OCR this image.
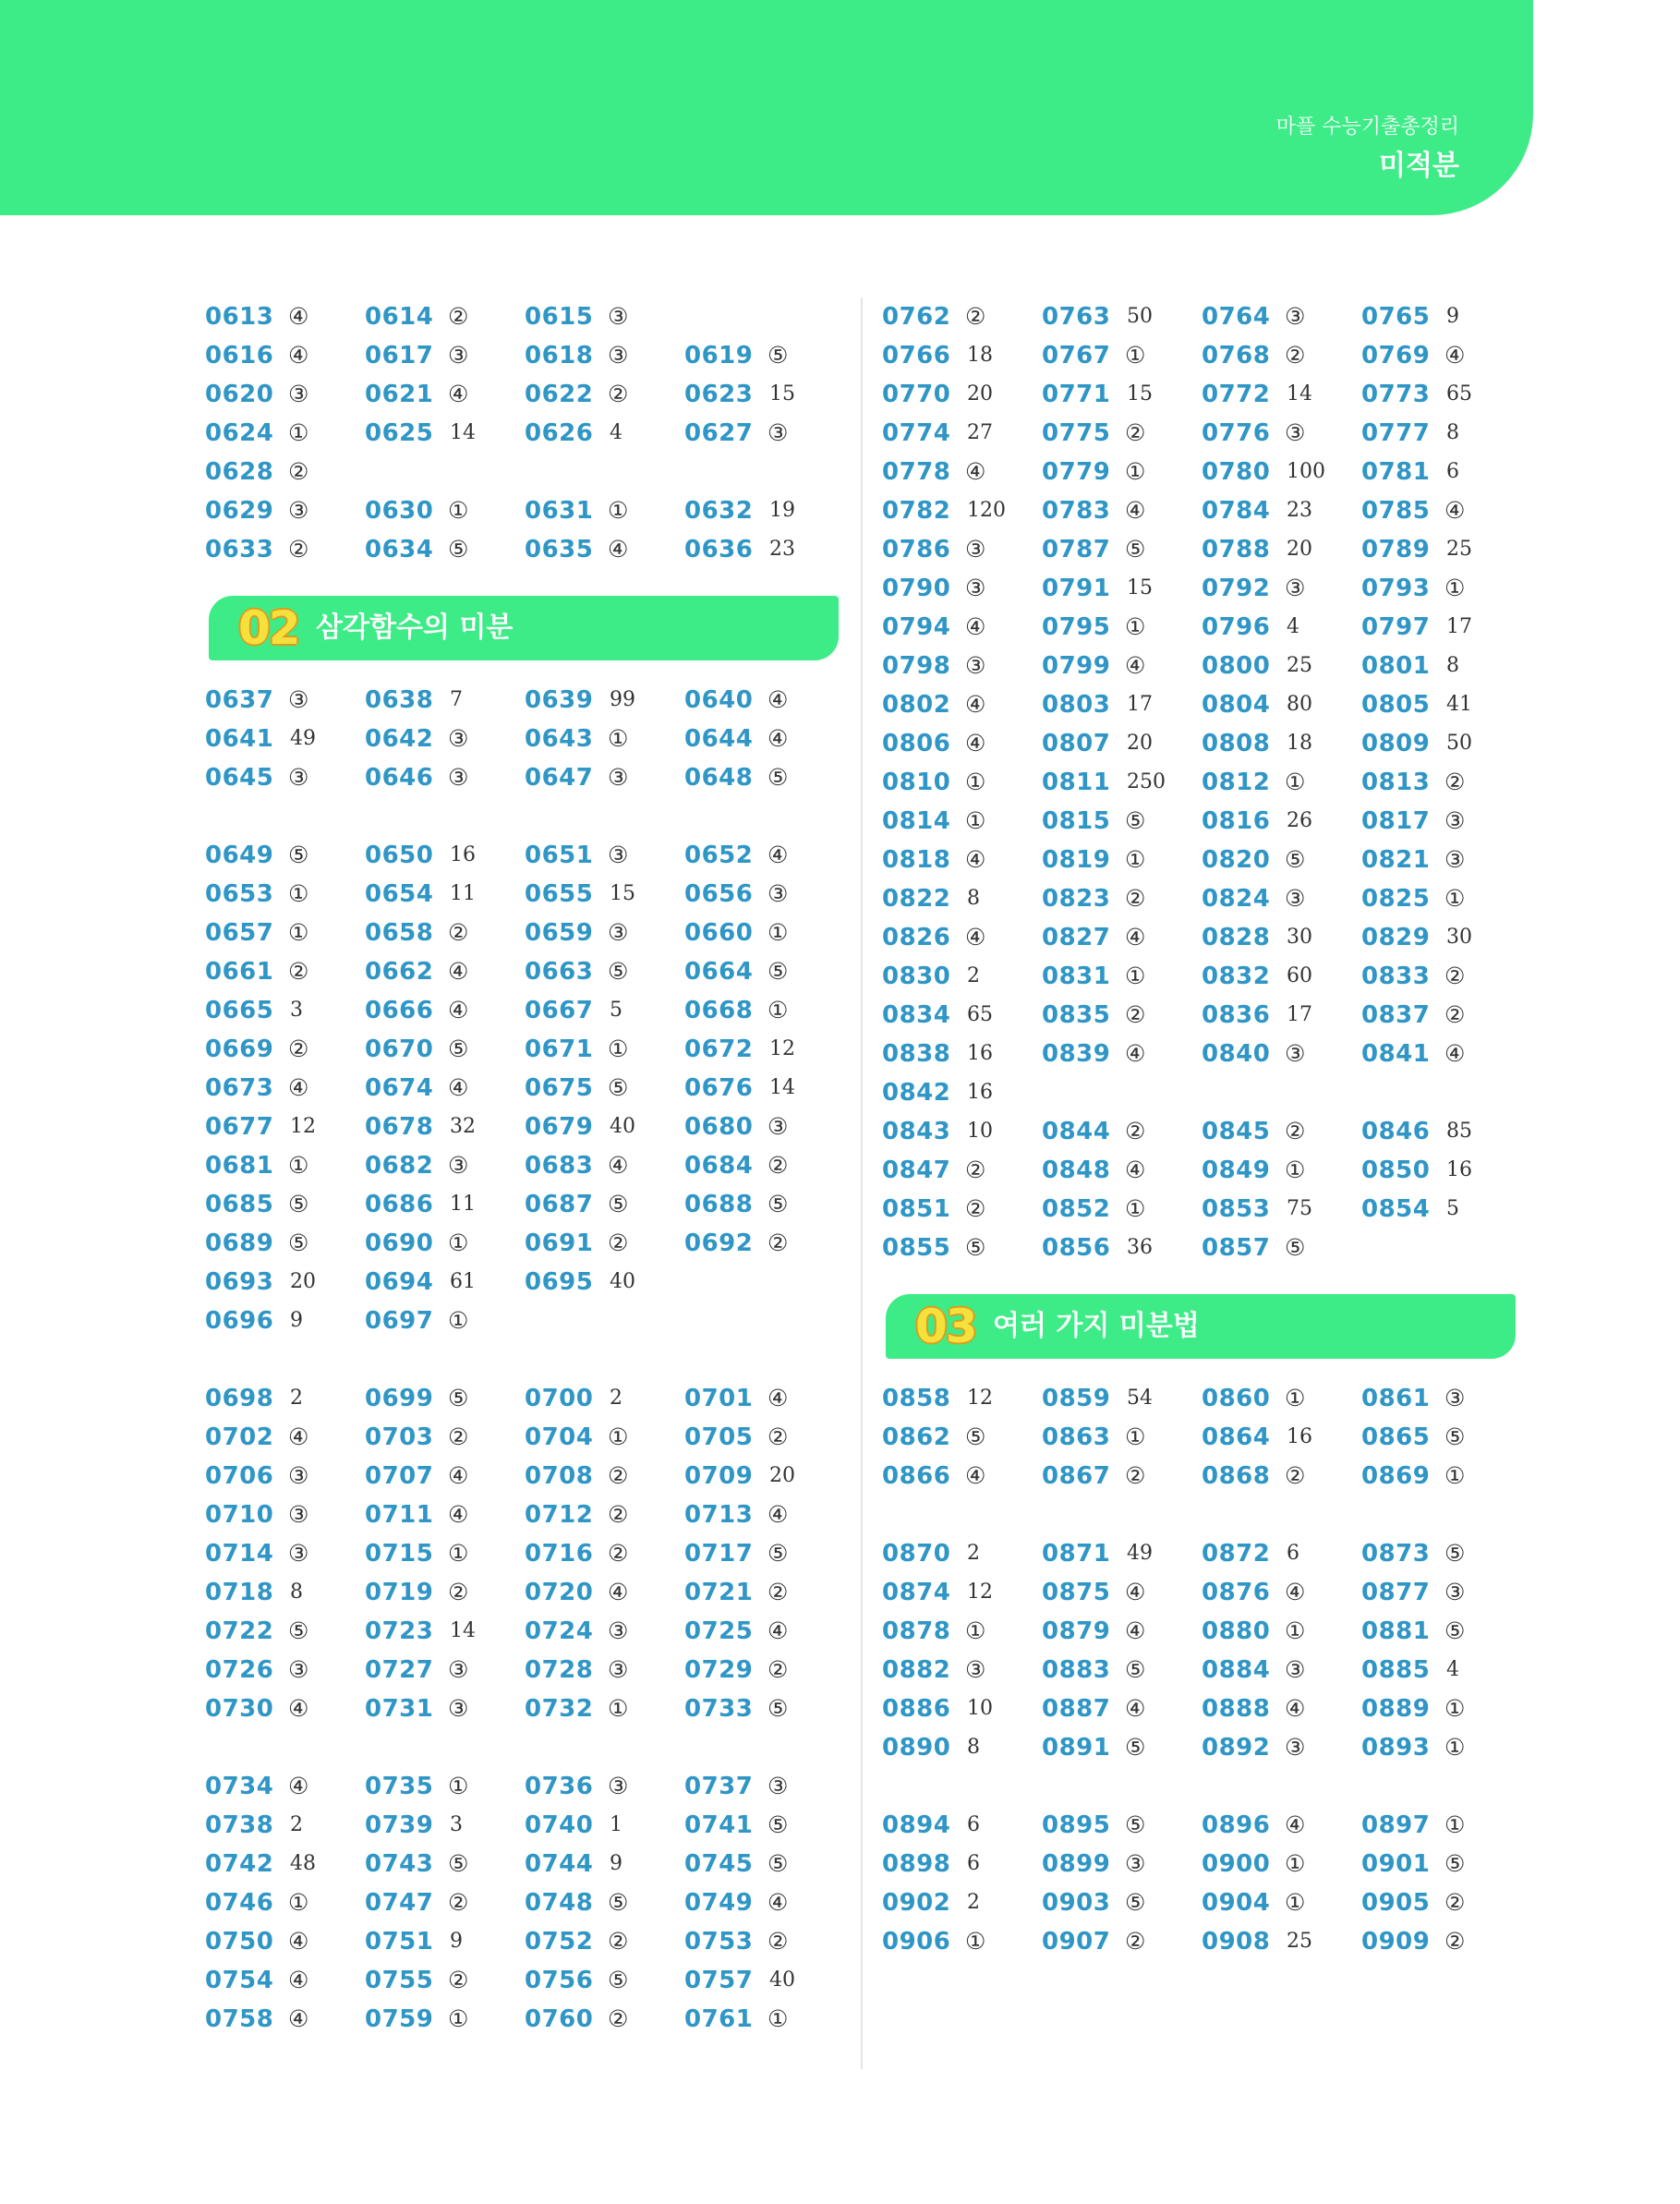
마플 수능기출총정리
미적분
0613 ④ 0614 ② 0615 ③
0616 ④ 0617 ③ 0618 ③ 0619 ⑤
0620 ③ 0621 ④ 0622 ② 0623 15
0624 ① 0625 14 0626 4	0627 ③
0628 ②
0629 ③ 0630 ① 0631 ① 0632 19
0633 ② 0634 ⑤ 0635 ④ 0636 23
02 삼각함수의 미분
0637 ③ 0638 7	0639 99 0640 ④
0641 49 0642 ③ 0643 ① 0644 ④
0645 ③ 0646 ③ 0647 ③ 0648 ⑤
0649 ⑤ 0650 16 0651 ③ 0652 ④
0653 ① 0654 11 0655 15 0656 ③
0657 ① 0658 ② 0659 ③ 0660 ①
0661 ② 0662 ④ 0663 ⑤ 0664 ⑤
0665 3	0666 ④ 0667 5	0668 ①
0669 ② 0670 ⑤ 0671 ① 0672 12
0673 ④ 0674 ④ 0675 ⑤ 0676 14
0677 12 0678 32 0679 40 0680 ③
0681 ① 0682 ③ 0683 ④ 0684 ②
0685 ⑤ 0686 11 0687 ⑤ 0688 ⑤
0689 ⑤ 0690 ① 0691 ② 0692 ②
0693 20 0694 61 0695 40
0696 9	0697 ①
0698 2	0699 ⑤ 0700 2	0701 ④
0702 ④ 0703 ② 0704 ① 0705 ②
0706 ③ 0707 ④ 0708 ② 0709 20
0710 ③ 0711 ④ 0712 ② 0713 ④
0714 ③ 0715 ① 0716 ② 0717 ⑤
0718 8	0719 ② 0720 ④ 0721 ②
0722 ⑤ 0723 14 0724 ③ 0725 ④
0726 ③ 0727 ③ 0728 ③ 0729 ②
0730 ④ 0731 ③ 0732 ① 0733 ⑤
0734 ④ 0735 ① 0736 ③ 0737 ③
0738 2	0739 3	0740 1	0741 ⑤
0742 48 0743 ⑤ 0744 9	0745 ⑤
0746 ① 0747 ② 0748 ⑤ 0749 ④
0750 ④ 0751 9	0752 ② 0753 ②
0754 ④ 0755 ② 0756 ⑤ 0757 40
0758 ④ 0759 ① 0760 ② 0761 ①
0762 ② 0763 50 0764 ③ 0765 9
0766 18 0767 ① 0768 ② 0769 ④
0770 20 0771 15 0772 14 0773 65
0774 27 0775 ② 0776 ③ 0777 8
0778 ④ 0779 ① 0780 100 0781 6
0782 120 0783 ④ 0784 23 0785 ④
0786 ③ 0787 ⑤ 0788 20 0789 25
0790 ③ 0791 15 0792 ③ 0793 ①
0794 ④ 0795 ① 0796 4	0797 17
0798 ③ 0799 ④ 0800 25 0801 8
0802 ④ 0803 17 0804 80 0805 41
0806 ④ 0807 20 0808 18 0809 50
0810 ① 0811 250 0812 ① 0813 ②
0814 ① 0815 ⑤ 0816 26 0817 ③
0818 ④ 0819 ① 0820 ⑤ 0821 ③
0822 8	0823 ② 0824 ③ 0825 ①
0826 ④ 0827 ④ 0828 30 0829 30
0830 2	0831 ① 0832 60 0833 ②
0834 65 0835 ② 0836 17 0837 ②
0838 16 0839 ④ 0840 ③ 0841 ④
0842 16
0843 10 0844 ② 0845 ② 0846 85
0847 ② 0848 ④ 0849 ① 0850 16
0851 ② 0852 ① 0853 75 0854 5
0855 ⑤ 0856 36 0857 ⑤
03 여러 가지 미분법
0858 12 0859 54 0860 ① 0861 ③
0862 ⑤ 0863 ① 0864 16 0865 ⑤
0866 ④ 0867 ② 0868 ② 0869 ①
0870 2	0871 49 0872 6	0873 ⑤
0874 12 0875 ④ 0876 ④ 0877 ③
0878 ① 0879 ④ 0880 ① 0881 ⑤
0882 ③ 0883 ⑤ 0884 ③ 0885 4
0886 10 0887 ④ 0888 ④ 0889 ①
0890 8	0891 ⑤ 0892 ③ 0893 ①
0894 6	0895 ⑤ 0896 ④ 0897 ①
0898 6	0899 ③ 0900 ① 0901 ⑤
0902 2	0903 ⑤ 0904 ① 0905 ②
0906 ① 0907 ② 0908 25 0909 ②
